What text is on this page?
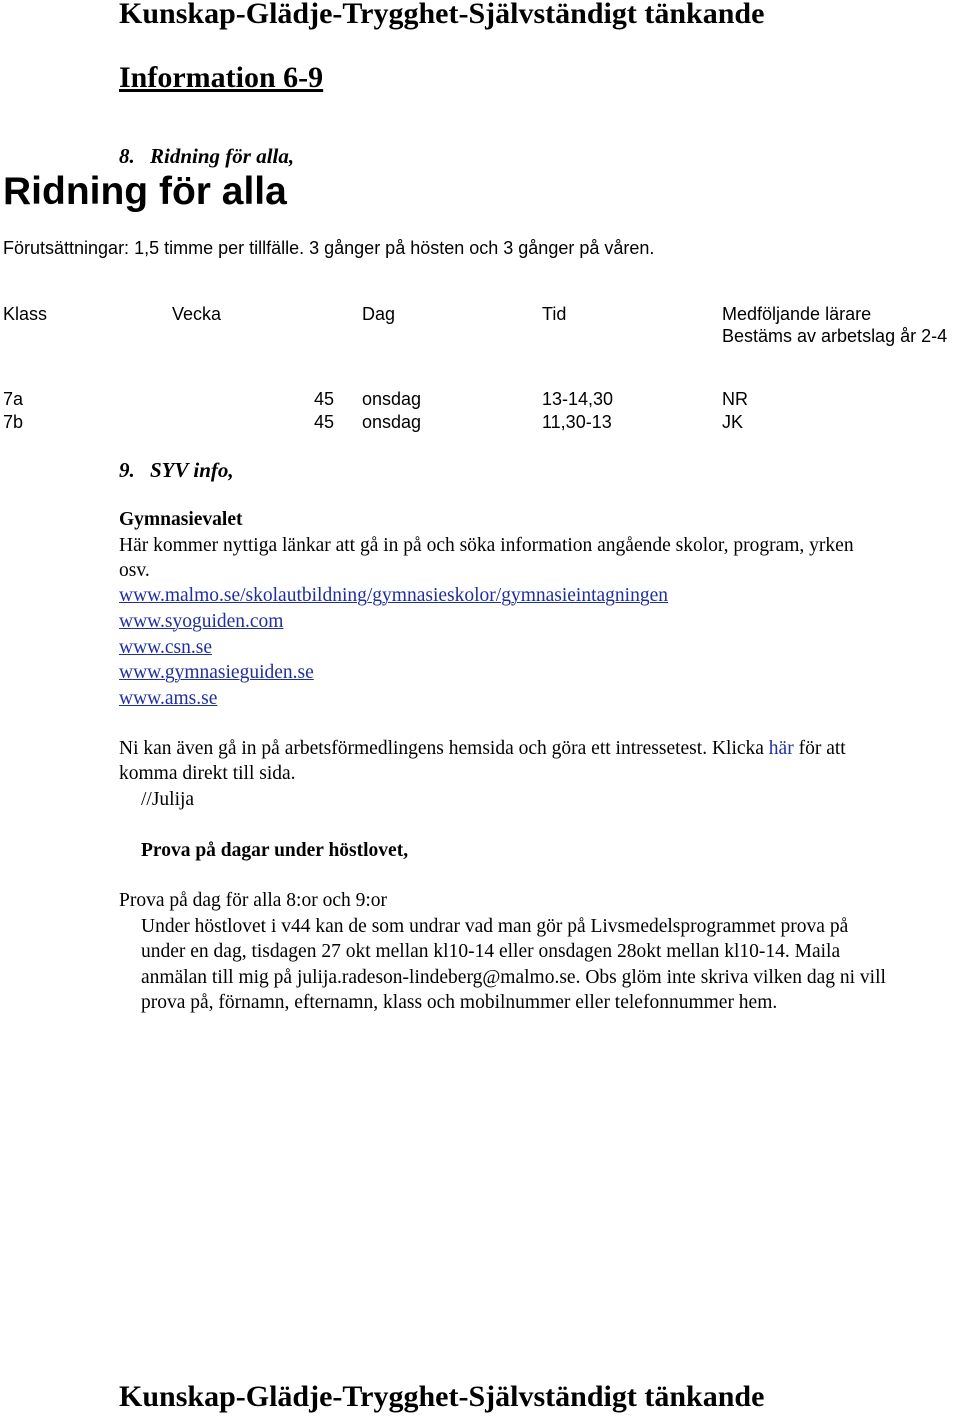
Kunskap-Glädje-Trygghet-Självständigt tänkande
Information 6-9
8. Ridning för alla,
Ridning för alla
Förutsättningar: 1,5 timme per tillfälle. 3 gånger på hösten och 3 gånger på våren.
Klass	Vecka	Dag	Tid	Medföljande lärare
Bestäms av arbetslag år 2-4
7a	45 onsdag	13-14,30	NR
7b	45 onsdag	11,30-13	JK
9. SYV info,
Gymnasievalet
Här kommer nyttiga länkar att gå in på och söka information angående skolor, program, yrken
osv.
www.malmo.se/skolautbildning/gymnasieskolor/gymnasieintagningen
www.syoguiden.com
www.csn.se
www.gymnasieguiden.se
www.ams.se
Ni kan även gå in på arbetsförmedlingens hemsida och göra ett intressetest. Klicka här för att
komma direkt till sida.
//Julija
Prova på dagar under höstlovet,
Prova på dag för alla 8:or och 9:or
Under höstlovet i v44 kan de som undrar vad man gör på Livsmedelsprogrammet prova på
under en dag, tisdagen 27 okt mellan kl10-14 eller onsdagen 28okt mellan kl10-14. Maila
anmälan till mig på julija.radeson-lindeberg@malmo.se. Obs glöm inte skriva vilken dag ni vill
prova på, förnamn, efternamn, klass och mobilnummer eller telefonnummer hem.
Kunskap-Glädje-Trygghet-Självständigt tänkande
